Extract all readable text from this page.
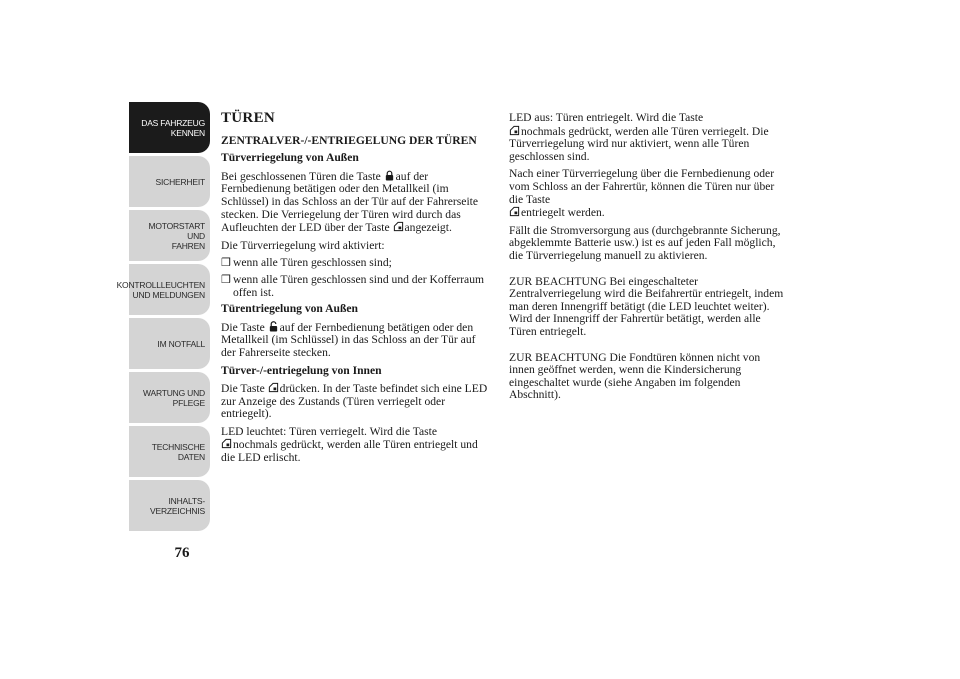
DAS FAHRZEUG
KENNEN
SICHERHEIT
MOTORSTART UND
FAHREN
KONTROLLLEUCHTEN
UND MELDUNGEN
IM NOTFALL
WARTUNG UND
PFLEGE
TECHNISCHE
DATEN
INHALTS-
VERZEICHNIS
76
TÜREN
ZENTRALVER-/-ENTRIEGELUNG DER TÜREN
Türverriegelung von Außen

Bei geschlossenen Türen die Taste auf der Fernbedienung betätigen oder den Metallkeil (im Schlüssel) in das Schloss an der Tür auf der Fahrerseite stecken. Die Verriegelung der Türen wird durch das Aufleuchten der LED über der Taste angezeigt.

Die Türverriegelung wird aktiviert:

❒ wenn alle Türen geschlossen sind;
❒ wenn alle Türen geschlossen sind und der Kofferraum offen ist.
Türentriegelung von Außen

Die Taste auf der Fernbedienung betätigen oder den Metallkeil (im Schlüssel) in das Schloss an der Tür auf der Fahrerseite stecken.

Türver-/-entriegelung von Innen

Die Taste drücken. In der Taste befindet sich eine LED zur Anzeige des Zustands (Türen verriegelt oder entriegelt).

LED leuchtet: Türen verriegelt. Wird die Taste

nochmals gedrückt, werden alle Türen entriegelt und die LED erlischt.

LED aus: Türen entriegelt. Wird die Taste

nochmals gedrückt, werden alle Türen verriegelt. Die Türverriegelung wird nur aktiviert, wenn alle Türen geschlossen sind.

Nach einer Türverriegelung über die Fernbedienung oder vom Schloss an der Fahrertür, können die Türen nur über die Taste

entriegelt werden.

Fällt die Stromversorgung aus (durchgebrannte Sicherung, abgeklemmte Batterie usw.) ist es auf jeden Fall möglich, die Türverriegelung manuell zu aktivieren.

ZUR BEACHTUNG Bei eingeschalteter Zentralverriegelung wird die Beifahrertür entriegelt, indem man deren Innengriff betätigt (die LED leuchtet weiter). Wird der Innengriff der Fahrertür betätigt, werden alle Türen entriegelt.

ZUR BEACHTUNG Die Fondtüren können nicht von innen geöffnet werden, wenn die Kindersicherung eingeschaltet wurde (siehe Angaben im folgenden Abschnitt).
